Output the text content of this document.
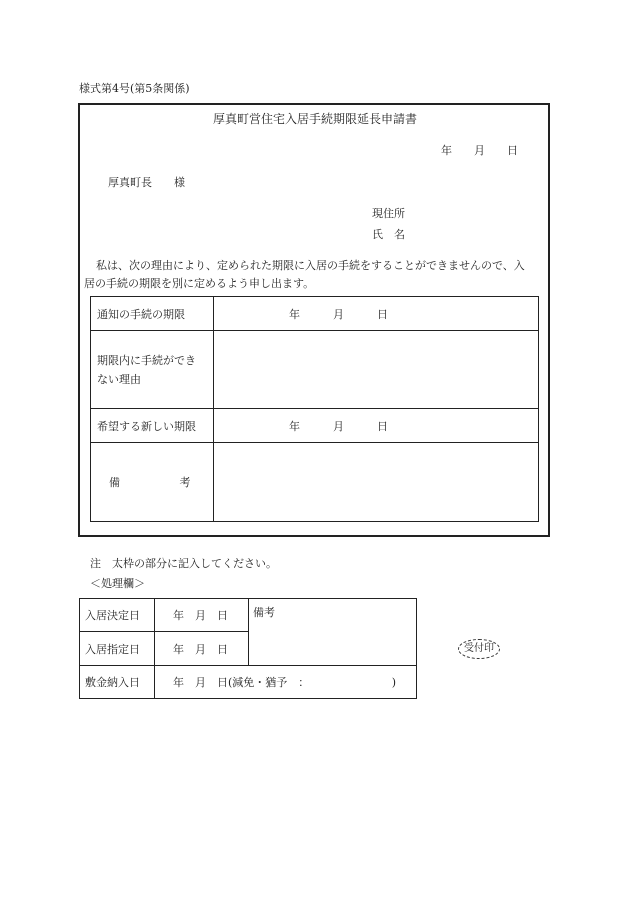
様式第4号(第5条関係)
厚真町営住宅入居手続期限延長申請書
年　　月　　日
厚真町長　　様
現住所
氏　名
私は、次の理由により、定められた期限に入居の手続をすることができませんので、入
居の手続の期限を別に定めるよう申し出ます。
通知の手続の期限	年　　　月　　　日

期限内に手続ができ
ない理由	

希望する新しい期限	年　　　月　　　日
備 考	
注　太枠の部分に記入してください。
＜処理欄＞
入居決定日	年　月　日	備考
入居指定日	年　月　日	
敷金納入日	年　月　日(減免・猶予　：　　　　　　　　)	
受付印
